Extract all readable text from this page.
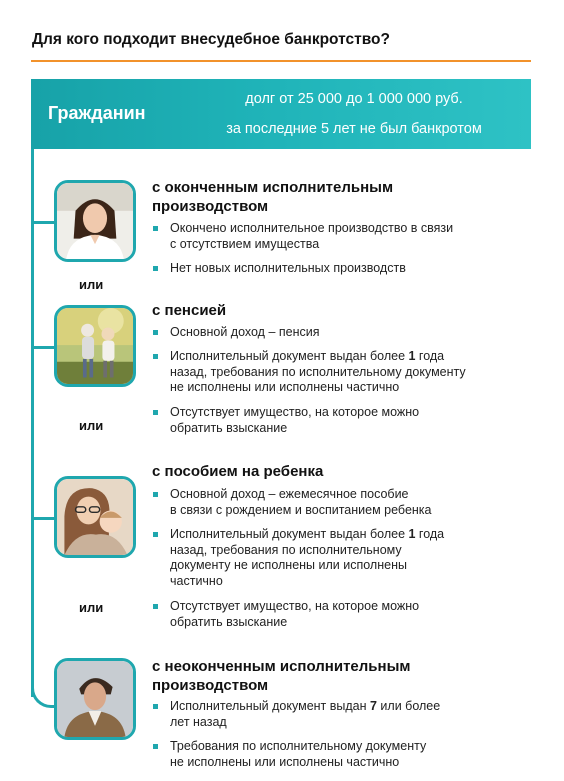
Для кого подходит внесудебное банкротство?
Гражданин
долг от 25 000 до 1 000 000 руб.
за последние 5 лет не был банкротом
или
с оконченным исполнительным
производством
Окончено исполнительное производство в связи
с отсутствием имущества
Нет новых исполнительных производств
или
с пенсией
Основной доход – пенсия
Исполнительный документ выдан более 1 года
назад, требования по исполнительному документу
не исполнены или исполнены частично
Отсутствует имущество, на которое можно
обратить взыскание
или
с пособием на ребенка
Основной доход – ежемесячное пособие
в связи с рождением и воспитанием ребенка
Исполнительный документ выдан более 1 года
назад, требования по исполнительному
документу не исполнены или исполнены
частично
Отсутствует имущество, на которое можно
обратить взыскание
с неоконченным исполнительным
производством
Исполнительный документ выдан 7 или более
лет назад
Требования по исполнительному документу
не исполнены или исполнены частично
